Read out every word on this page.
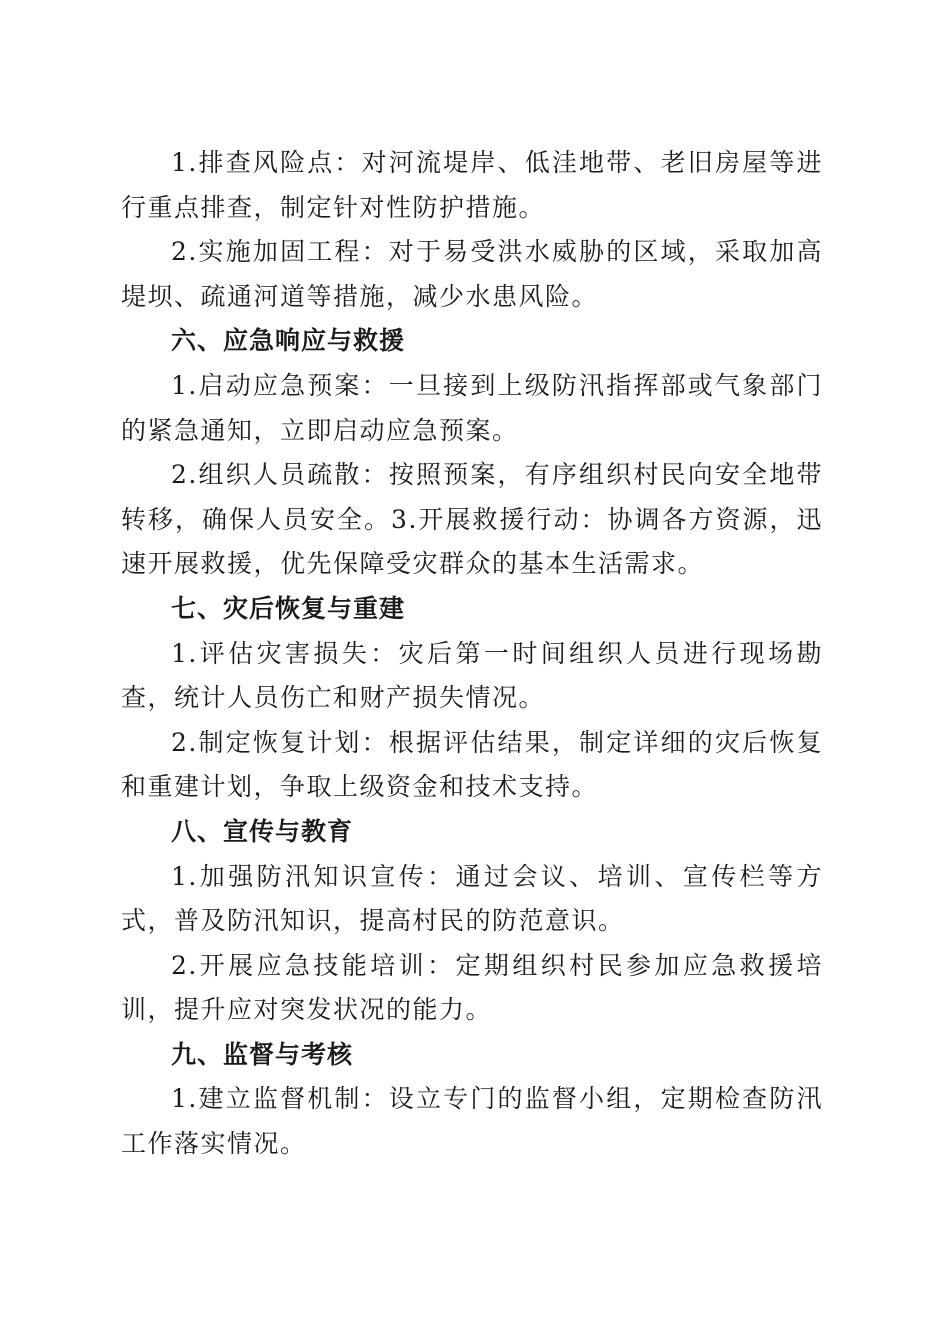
1.排查风险点：对河流堤岸、低洼地带、老旧房屋等进行重点排查，制定针对性防护措施。

2.实施加固工程：对于易受洪水威胁的区域，采取加高堤坝、疏通河道等措施，减少水患风险。

六、应急响应与救援

1.启动应急预案：一旦接到上级防汛指挥部或气象部门的紧急通知，立即启动应急预案。

2.组织人员疏散：按照预案，有序组织村民向安全地带转移，确保人员安全。3.开展救援行动：协调各方资源，迅速开展救援，优先保障受灾群众的基本生活需求。

七、灾后恢复与重建

1.评估灾害损失：灾后第一时间组织人员进行现场勘查，统计人员伤亡和财产损失情况。

2.制定恢复计划：根据评估结果，制定详细的灾后恢复和重建计划，争取上级资金和技术支持。

八、宣传与教育

1.加强防汛知识宣传：通过会议、培训、宣传栏等方式，普及防汛知识，提高村民的防范意识。

2.开展应急技能培训：定期组织村民参加应急救援培训，提升应对突发状况的能力。

九、监督与考核

1.建立监督机制：设立专门的监督小组，定期检查防汛工作落实情况。
